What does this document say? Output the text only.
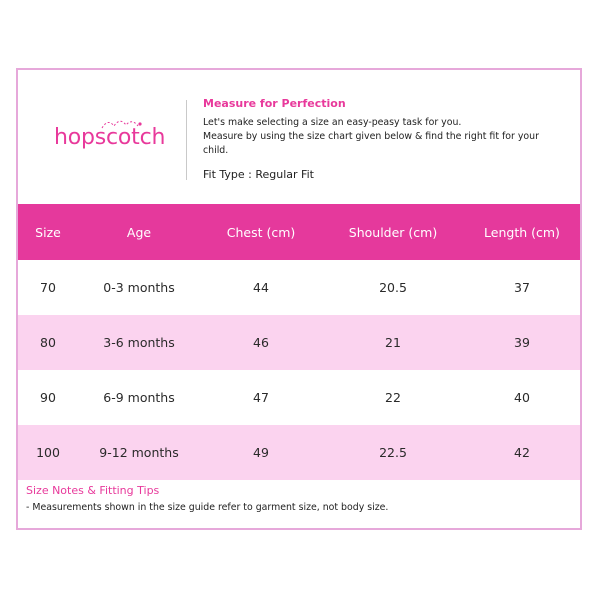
hopscotch

Measure for Perfection

Let's make selecting a size an easy-peasy task for you.

Measure by using the size chart given below & find the right fit for your

child.

Fit Type : Regular Fit
Size	Age	Chest (cm)	Shoulder (cm)	Length (cm)
70	0-3 months	44	20.5	37
80	3-6 months	46	21	39
90	6-9 months	47	22	40
100	9-12 months	49	22.5	42

Size Notes & Fitting Tips

- Measurements shown in the size guide refer to garment size, not body size.
